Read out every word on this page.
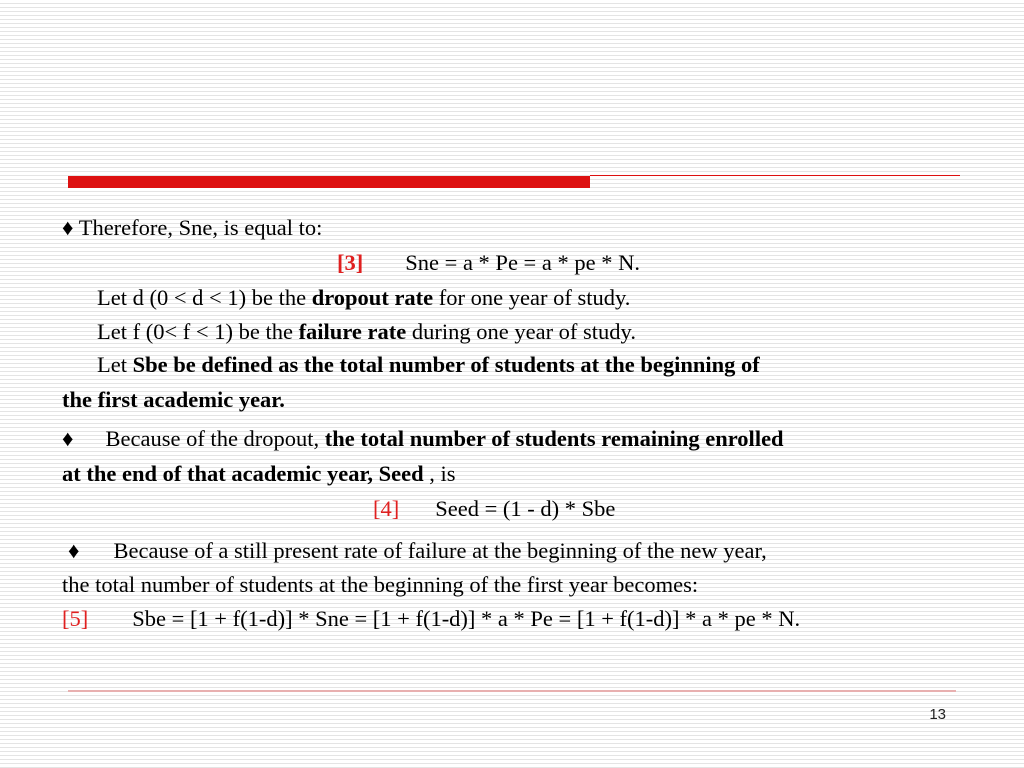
♦ Therefore, Sne, is equal to:
[3] Sne = a * Pe = a * pe * N.
Let d (0 < d < 1) be the dropout rate for one year of study.
Let f (0< f < 1) be the failure rate during one year of study.
Let Sbe be defined as the total number of students at the beginning of
the first academic year.
♦ Because of the dropout, the total number of students remaining enrolled
at the end of that academic year, Seed , is
[4] Seed = (1 - d) * Sbe
♦ Because of a still present rate of failure at the beginning of the new year,
the total number of students at the beginning of the first year becomes:
[5] Sbe = [1 + f(1-d)] * Sne = [1 + f(1-d)] * a * Pe = [1 + f(1-d)] * a * pe * N.
13
